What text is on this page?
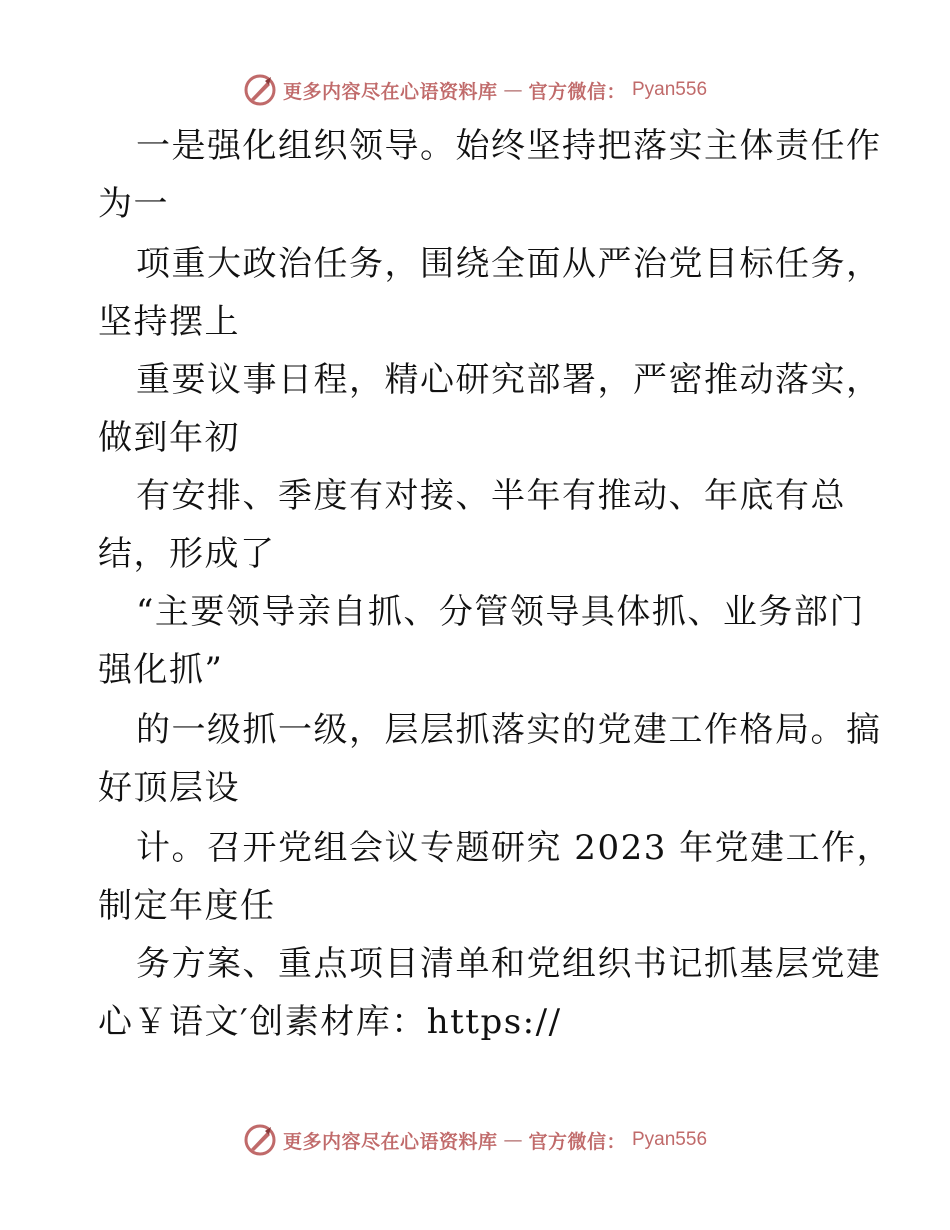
更多内容尽在心语资料库 — 官方微信： Pyan556
一是强化组织领导。始终坚持把落实主体责任作
为一
项重大政治任务，围绕全面从严治党目标任务，
坚持摆上
重要议事日程，精心研究部署，严密推动落实，
做到年初
有安排、季度有对接、半年有推动、年底有总
结，形成了
“主要领导亲自抓、分管领导具体抓、业务部门
强化抓”
的一级抓一级，层层抓落实的党建工作格局。搞
好顶层设
计。召开党组会议专题研究 2023 年党建工作，
制定年度任
务方案、重点项目清单和党组织书记抓基层党建
心￥语文′创素材库：https://
更多内容尽在心语资料库 — 官方微信： Pyan556
